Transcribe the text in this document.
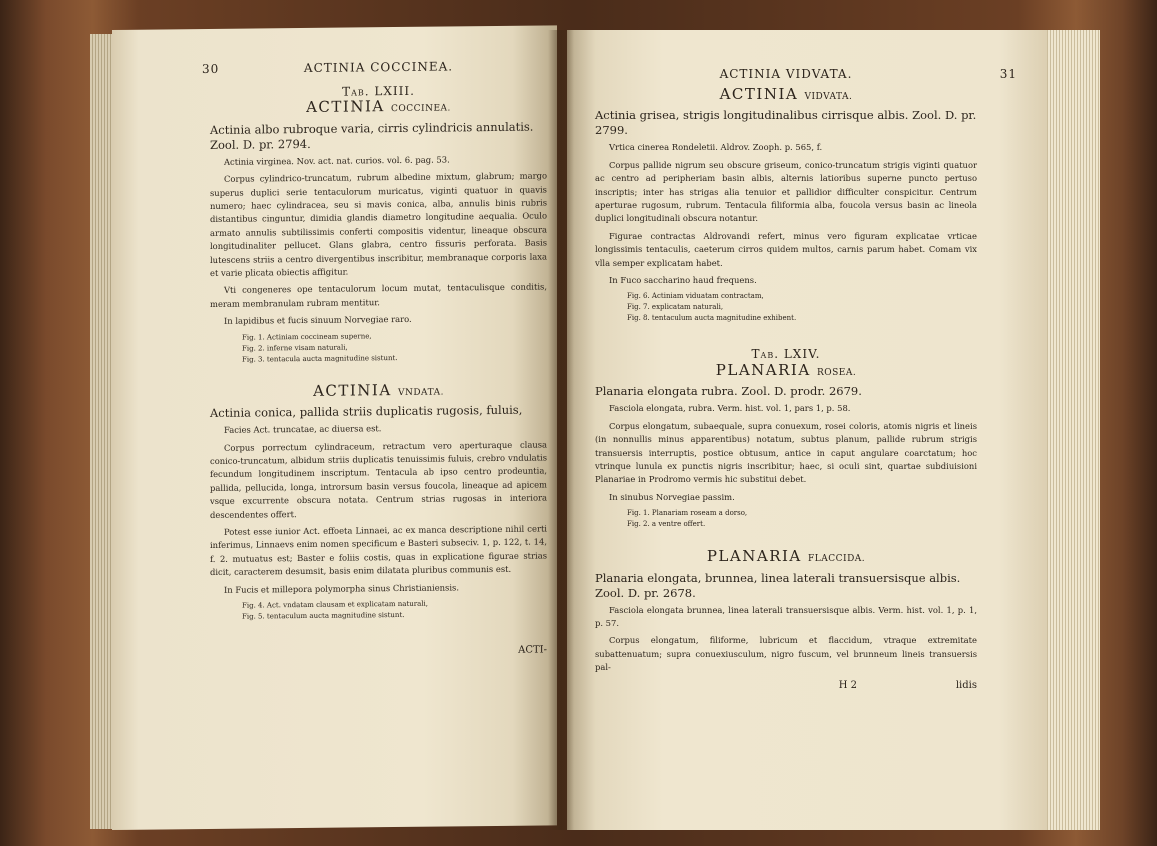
30	ACTINIA COCCINEA.
Tab. LXIII.
ACTINIA COCCINEA.
Actinia albo rubroque varia, cirris cylindricis annulatis. Zool. D. pr. 2794.

Actinia virginea. Nov. act. nat. curios. vol. 6. pag. 53.

Corpus cylindrico-truncatum, rubrum albedine mixtum, glabrum; margo superus duplici serie tentaculorum muricatus, viginti quatuor in quavis numero; haec cylindracea, seu si mavis conica, alba, annulis binis rubris distantibus cinguntur, dimidia glandis diametro longitudine aequalia. Oculo armato annulis subtilissimis conferti compositis videntur, lineaque obscura longitudinaliter pellucet. Glans glabra, centro fissuris perforata. Basis lutescens striis a centro divergentibus inscribitur, membranaque corporis laxa et varie plicata obiectis affigitur.

Vti congeneres ope tentaculorum locum mutat, tentaculisque conditis, meram membranulam rubram mentitur.

In lapidibus et fucis sinuum Norvegiae raro.

Fig. 1. Actiniam coccineam superne,
Fig. 2. inferne visam naturali,
Fig. 3. tentacula aucta magnitudine sistunt.
ACTINIA VNDATA.
Actinia conica, pallida striis duplicatis rugosis, fuluis,

Facies Act. truncatae, ac diuersa est.

Corpus porrectum cylindraceum, retractum vero aperturaque clausa conico-truncatum, albidum striis duplicatis tenuissimis fuluis, crebro vndulatis fecundum longitudinem inscriptum. Tentacula ab ipso centro prodeuntia, pallida, pellucida, longa, introrsum basin versus foucola, lineaque ad apicem vsque excurrente obscura notata. Centrum strias rugosas in interiora descendentes offert.

Potest esse iunior Act. effoeta Linnaei, ac ex manca descriptione nihil certi inferimus, Linnaevs enim nomen specificum e Basteri subseciv. 1, p. 122, t. 14, f. 2. mutuatus est; Baster e foliis costis, quas in explicatione figurae strias dicit, caracterem desumsit, basis enim dilatata pluribus communis est.

In Fucis et millepora polymorpha sinus Christianiensis.

Fig. 4. Act. vndatam clausam et explicatam naturali,
Fig. 5. tentaculum aucta magnitudine sistunt.
ACTI-
ACTINIA VIDVATA.	31
ACTINIA VIDVATA.
Actinia grisea, strigis longitudinalibus cirrisque albis. Zool. D. pr. 2799.

Vrtica cinerea Rondeletii. Aldrov. Zooph. p. 565, f.

Corpus pallide nigrum seu obscure griseum, conico-truncatum strigis viginti quatuor ac centro ad peripheriam basin albis, alternis latioribus superne puncto pertuso inscriptis; inter has strigas alia tenuior et pallidior difficulter conspicitur. Centrum aperturae rugosum, rubrum. Tentacula filiformia alba, foucola versus basin ac lineola duplici longitudinali obscura notantur.

Figurae contractas Aldrovandi refert, minus vero figuram explicatae vrticae longissimis tentaculis, caeterum cirros quidem multos, carnis parum habet. Comam vix vlla semper explicatam habet.

In Fuco saccharino haud frequens.

Fig. 6. Actiniam viduatam contractam,
Fig. 7. explicatam naturali,
Fig. 8. tentaculum aucta magnitudine exhibent.
Tab. LXIV.
PLANARIA ROSEA.
Planaria elongata rubra. Zool. D. prodr. 2679.

Fasciola elongata, rubra. Verm. hist. vol. 1, pars 1, p. 58.

Corpus elongatum, subaequale, supra conuexum, rosei coloris, atomis nigris et lineis (in nonnullis minus apparentibus) notatum, subtus planum, pallide rubrum strigis transuersis interruptis, postice obtusum, antice in caput angulare coarctatum; hoc vtrinque lunula ex punctis nigris inscribitur; haec, si oculi sint, quartae subdiuisioni Planariae in Prodromo vermis hic substitui debet.

In sinubus Norvegiae passim.

Fig. 1. Planariam roseam a dorso,
Fig. 2. a ventre offert.
PLANARIA FLACCIDA.
Planaria elongata, brunnea, linea laterali transuersisque albis. Zool. D. pr. 2678.

Fasciola elongata brunnea, linea laterali transuersisque albis. Verm. hist. vol. 1, p. 1, p. 57.

Corpus elongatum, filiforme, lubricum et flaccidum, vtraque extremitate subattenuatum; supra conuexiusculum, nigro fuscum, vel brunneum lineis transuersis pal-

H 2	lidis
